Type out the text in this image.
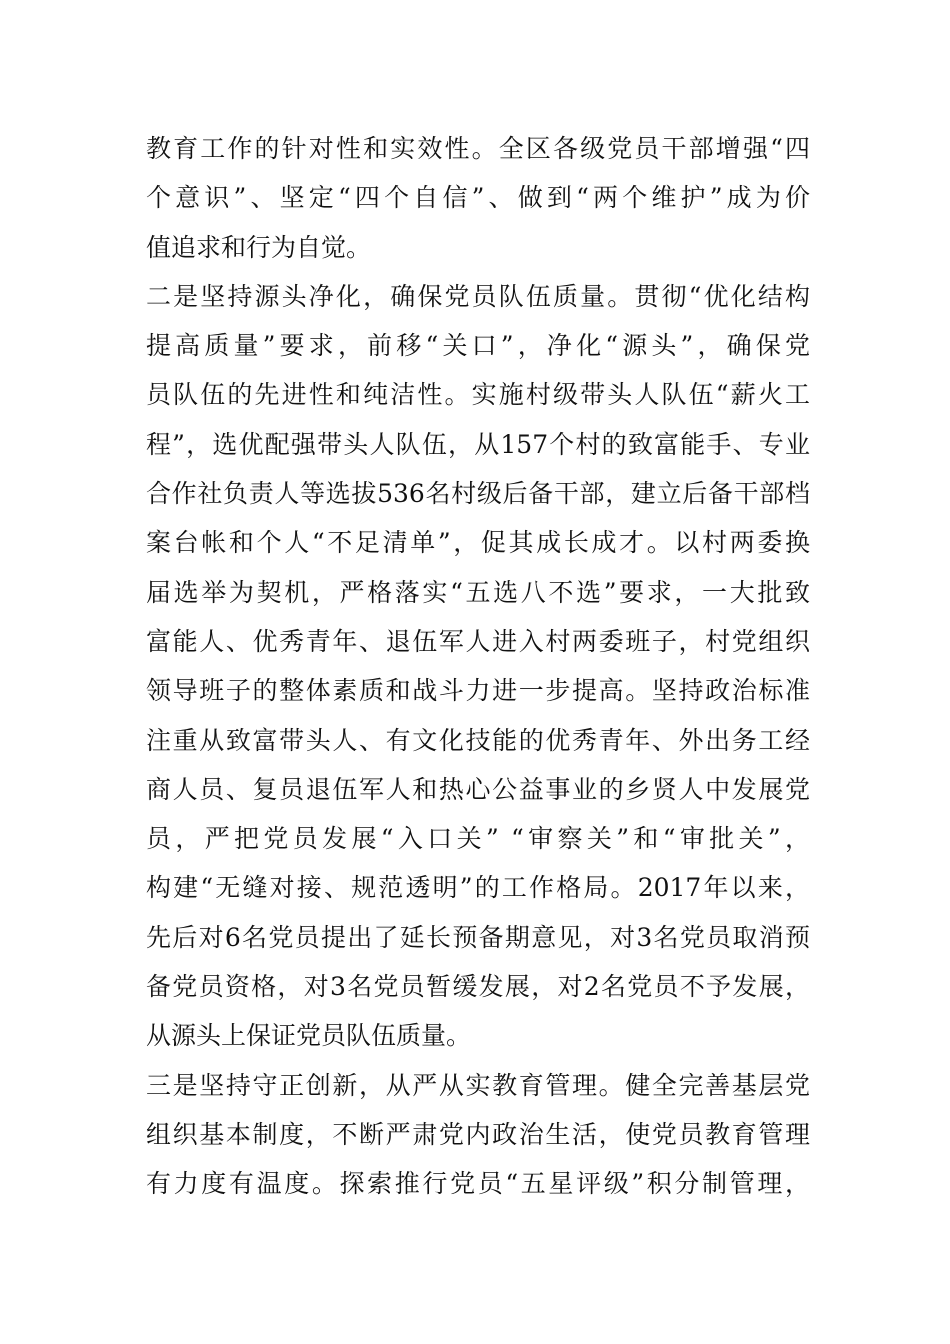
教育工作的针对性和实效性。全区各级党员干部增强“四
个意识”、坚定“四个自信”、做到“两个维护”成为价
值追求和行为自觉。
二是坚持源头净化，确保党员队伍质量。贯彻“优化结构
提高质量”要求，前移“关口”，净化“源头”，确保党
员队伍的先进性和纯洁性。实施村级带头人队伍“薪火工
程”，选优配强带头人队伍，从157个村的致富能手、专业
合作社负责人等选拔536名村级后备干部，建立后备干部档
案台帐和个人“不足清单”，促其成长成才。以村两委换
届选举为契机，严格落实“五选八不选”要求，一大批致
富能人、优秀青年、退伍军人进入村两委班子，村党组织
领导班子的整体素质和战斗力进一步提高。坚持政治标准
注重从致富带头人、有文化技能的优秀青年、外出务工经
商人员、复员退伍军人和热心公益事业的乡贤人中发展党
员，严把党员发展“入口关” “审察关”和“审批关”，
构建“无缝对接、规范透明”的工作格局。2017年以来，
先后对6名党员提出了延长预备期意见，对3名党员取消预
备党员资格，对3名党员暂缓发展，对2名党员不予发展，
从源头上保证党员队伍质量。
三是坚持守正创新，从严从实教育管理。健全完善基层党
组织基本制度，不断严肃党内政治生活，使党员教育管理
有力度有温度。探索推行党员“五星评级”积分制管理，
